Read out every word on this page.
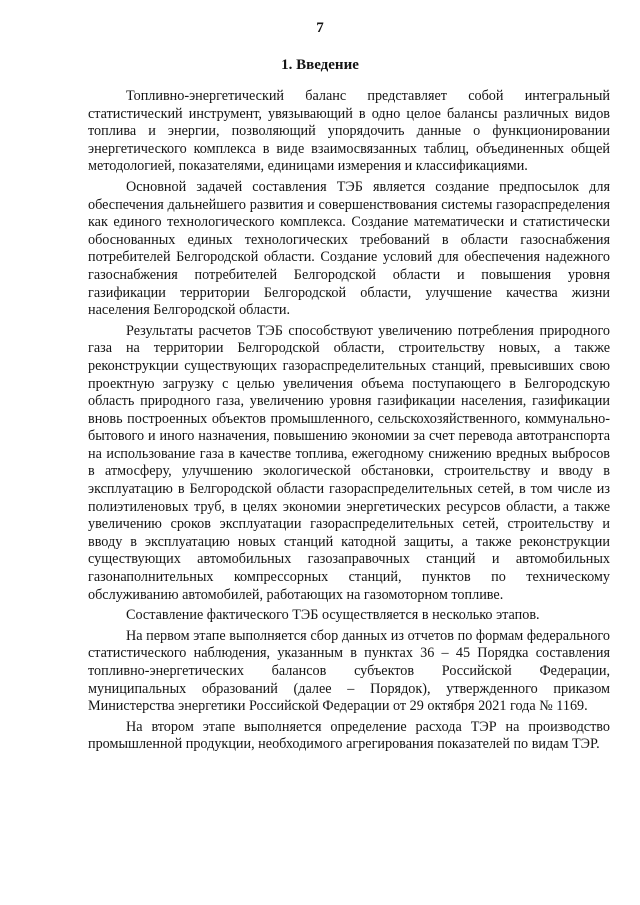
7
1. Введение

Топливно-энергетический баланс представляет собой интегральный статистический инструмент, увязывающий в одно целое балансы различных видов топлива и энергии, позволяющий упорядочить данные о функционировании энергетического комплекса в виде взаимосвязанных таблиц, объединенных общей методологией, показателями, единицами измерения и классификациями.

Основной задачей составления ТЭБ является создание предпосылок для обеспечения дальнейшего развития и совершенствования системы газораспределения как единого технологического комплекса. Создание математически и статистически обоснованных единых технологических требований в области газоснабжения потребителей Белгородской области. Создание условий для обеспечения надежного газоснабжения потребителей Белгородской области и повышения уровня газификации территории Белгородской области, улучшение качества жизни населения Белгородской области.

Результаты расчетов ТЭБ способствуют увеличению потребления природного газа на территории Белгородской области, строительству новых, а также реконструкции существующих газораспределительных станций, превысивших свою проектную загрузку с целью увеличения объема поступающего в Белгородскую область природного газа, увеличению уровня газификации населения, газификации вновь построенных объектов промышленного, сельскохозяйственного, коммунально-бытового и иного назначения, повышению экономии за счет перевода автотранспорта на использование газа в качестве топлива, ежегодному снижению вредных выбросов в атмосферу, улучшению экологической обстановки, строительству и вводу в эксплуатацию в Белгородской области газораспределительных сетей, в том числе из полиэтиленовых труб, в целях экономии энергетических ресурсов области, а также увеличению сроков эксплуатации газораспределительных сетей, строительству и вводу в эксплуатацию новых станций катодной защиты, а также реконструкции существующих автомобильных газозаправочных станций и автомобильных газонаполнительных компрессорных станций, пунктов по техническому обслуживанию автомобилей, работающих на газомоторном топливе.

Составление фактического ТЭБ осуществляется в несколько этапов.

На первом этапе выполняется сбор данных из отчетов по формам федерального статистического наблюдения, указанным в пунктах 36 – 45 Порядка составления топливно-энергетических балансов субъектов Российской Федерации, муниципальных образований (далее – Порядок), утвержденного приказом Министерства энергетики Российской Федерации от 29 октября 2021 года № 1169.

На втором этапе выполняется определение расхода ТЭР на производство промышленной продукции, необходимого агрегирования показателей по видам ТЭР.
